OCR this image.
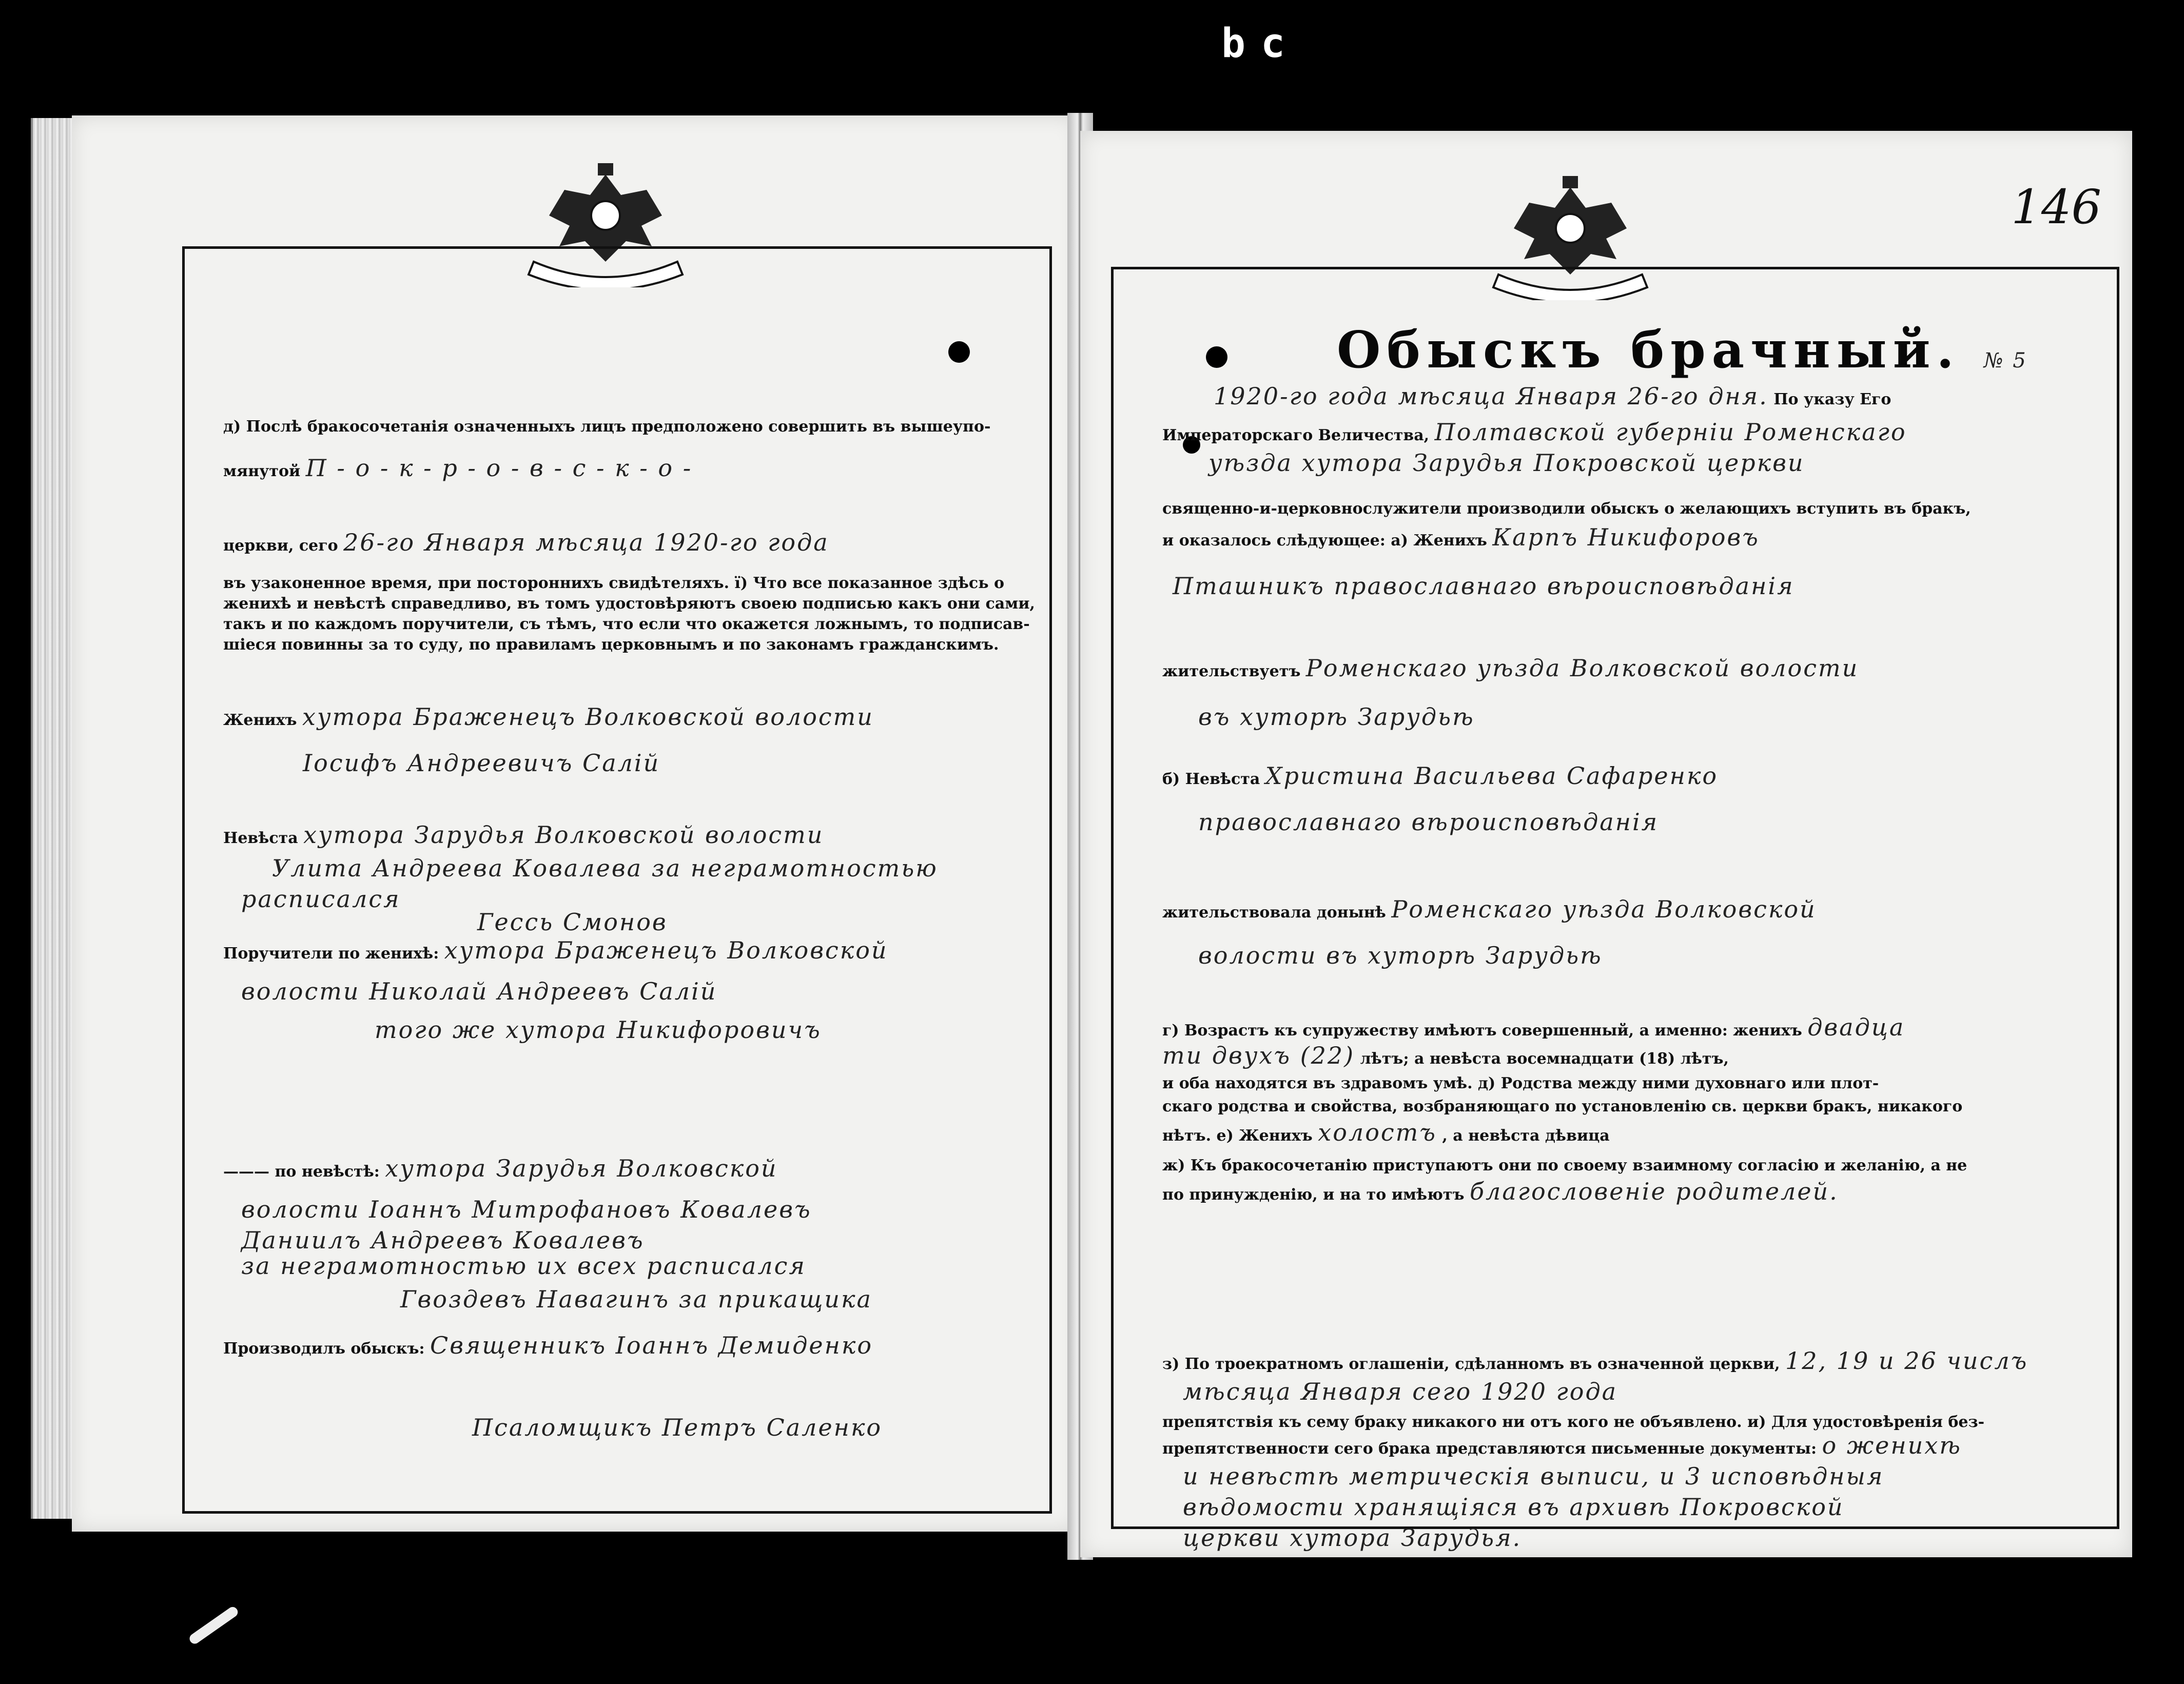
bc
д) Послѣ бракосочетанія означенныхъ лицъ предположено совершить въ вышеупо-
мянутой П - о - к - р - о - в - с - к - о -
церкви, сего 26-го Января мѣсяца 1920-го года
въ узаконенное время, при постороннихъ свидѣтеляхъ. ї) Что все показанное здѣсь о
женихѣ и невѣстѣ справедливо, въ томъ удостовѣряютъ своею подписью какъ они сами,
такъ и по каждомъ поручители, съ тѣмъ, что если что окажется ложнымъ, то подписав-
шіеся повинны за то суду, по правиламъ церковнымъ и по законамъ гражданскимъ.
Женихъ хутора Браженецъ Волковской волости
Іосифъ Андреевичъ Салій
Невѣста хутора Зарудья Волковской волости
Улита Андреева Ковалева за неграмотностью
расписался
Гессь Смонов
Поручители по женихѣ: хутора Браженецъ Волковской
волости Николай Андреевъ Салій
того же хутора Никифоровичъ
——— по невѣстѣ: хутора Зарудья Волковской
волости Іоаннъ Митрофановъ Ковалевъ
Даниилъ Андреевъ Ковалевъ
за неграмотностью их всех расписался
Гвоздевъ Навагинъ за прикащика
Производилъ обыскъ: Священникъ Іоаннъ Демиденко
Псаломщикъ Петръ Саленко
146
Обыскъ брачный. № 5
1920-го года мѣсяца Января 26-го дня. По указу Его
Императорскаго Величества, Полтавской губерніи Роменскаго
уѣзда хутора Зарудья Покровской церкви
священно-и-церковнослужители производили обыскъ о желающихъ вступить въ бракъ,
и оказалось слѣдующее: а) Женихъ Карпъ Никифоровъ
Пташникъ православнаго вѣроисповѣданія
жительствуетъ Роменскаго уѣзда Волковской волости
въ хуторѣ Зарудьѣ
б) Невѣста Христина Васильева Сафаренко
православнаго вѣроисповѣданія
жительствовала донынѣ Роменскаго уѣзда Волковской
волости въ хуторѣ Зарудьѣ
г) Возрастъ къ супружеству имѣютъ совершенный, а именно: женихъ двадца
ти двухъ (22) лѣтъ; а невѣста восемнадцати (18) лѣтъ,
и оба находятся въ здравомъ умѣ. д) Родства между ними духовнаго или плот-
скаго родства и свойства, возбраняющаго по установленію св. церкви бракъ, никакого
нѣтъ. е) Женихъ холостъ , а невѣста дѣвица
ж) Къ бракосочетанію приступаютъ они по своему взаимному согласію и желанію, а не
по принужденію, и на то имѣютъ благословеніе родителей.
з) По троекратномъ оглашеніи, сдѣланномъ въ означенной церкви, 12, 19 и 26 числъ
мѣсяца Января сего 1920 года
препятствія къ сему браку никакого ни отъ кого не объявлено. и) Для удостовѣренія без-
препятственности сего брака представляются письменные документы: о женихѣ
и невѣстѣ метрическія выписи, и 3 исповѣдныя
вѣдомости хранящіяся въ архивѣ Покровской
церкви хутора Зарудья.
